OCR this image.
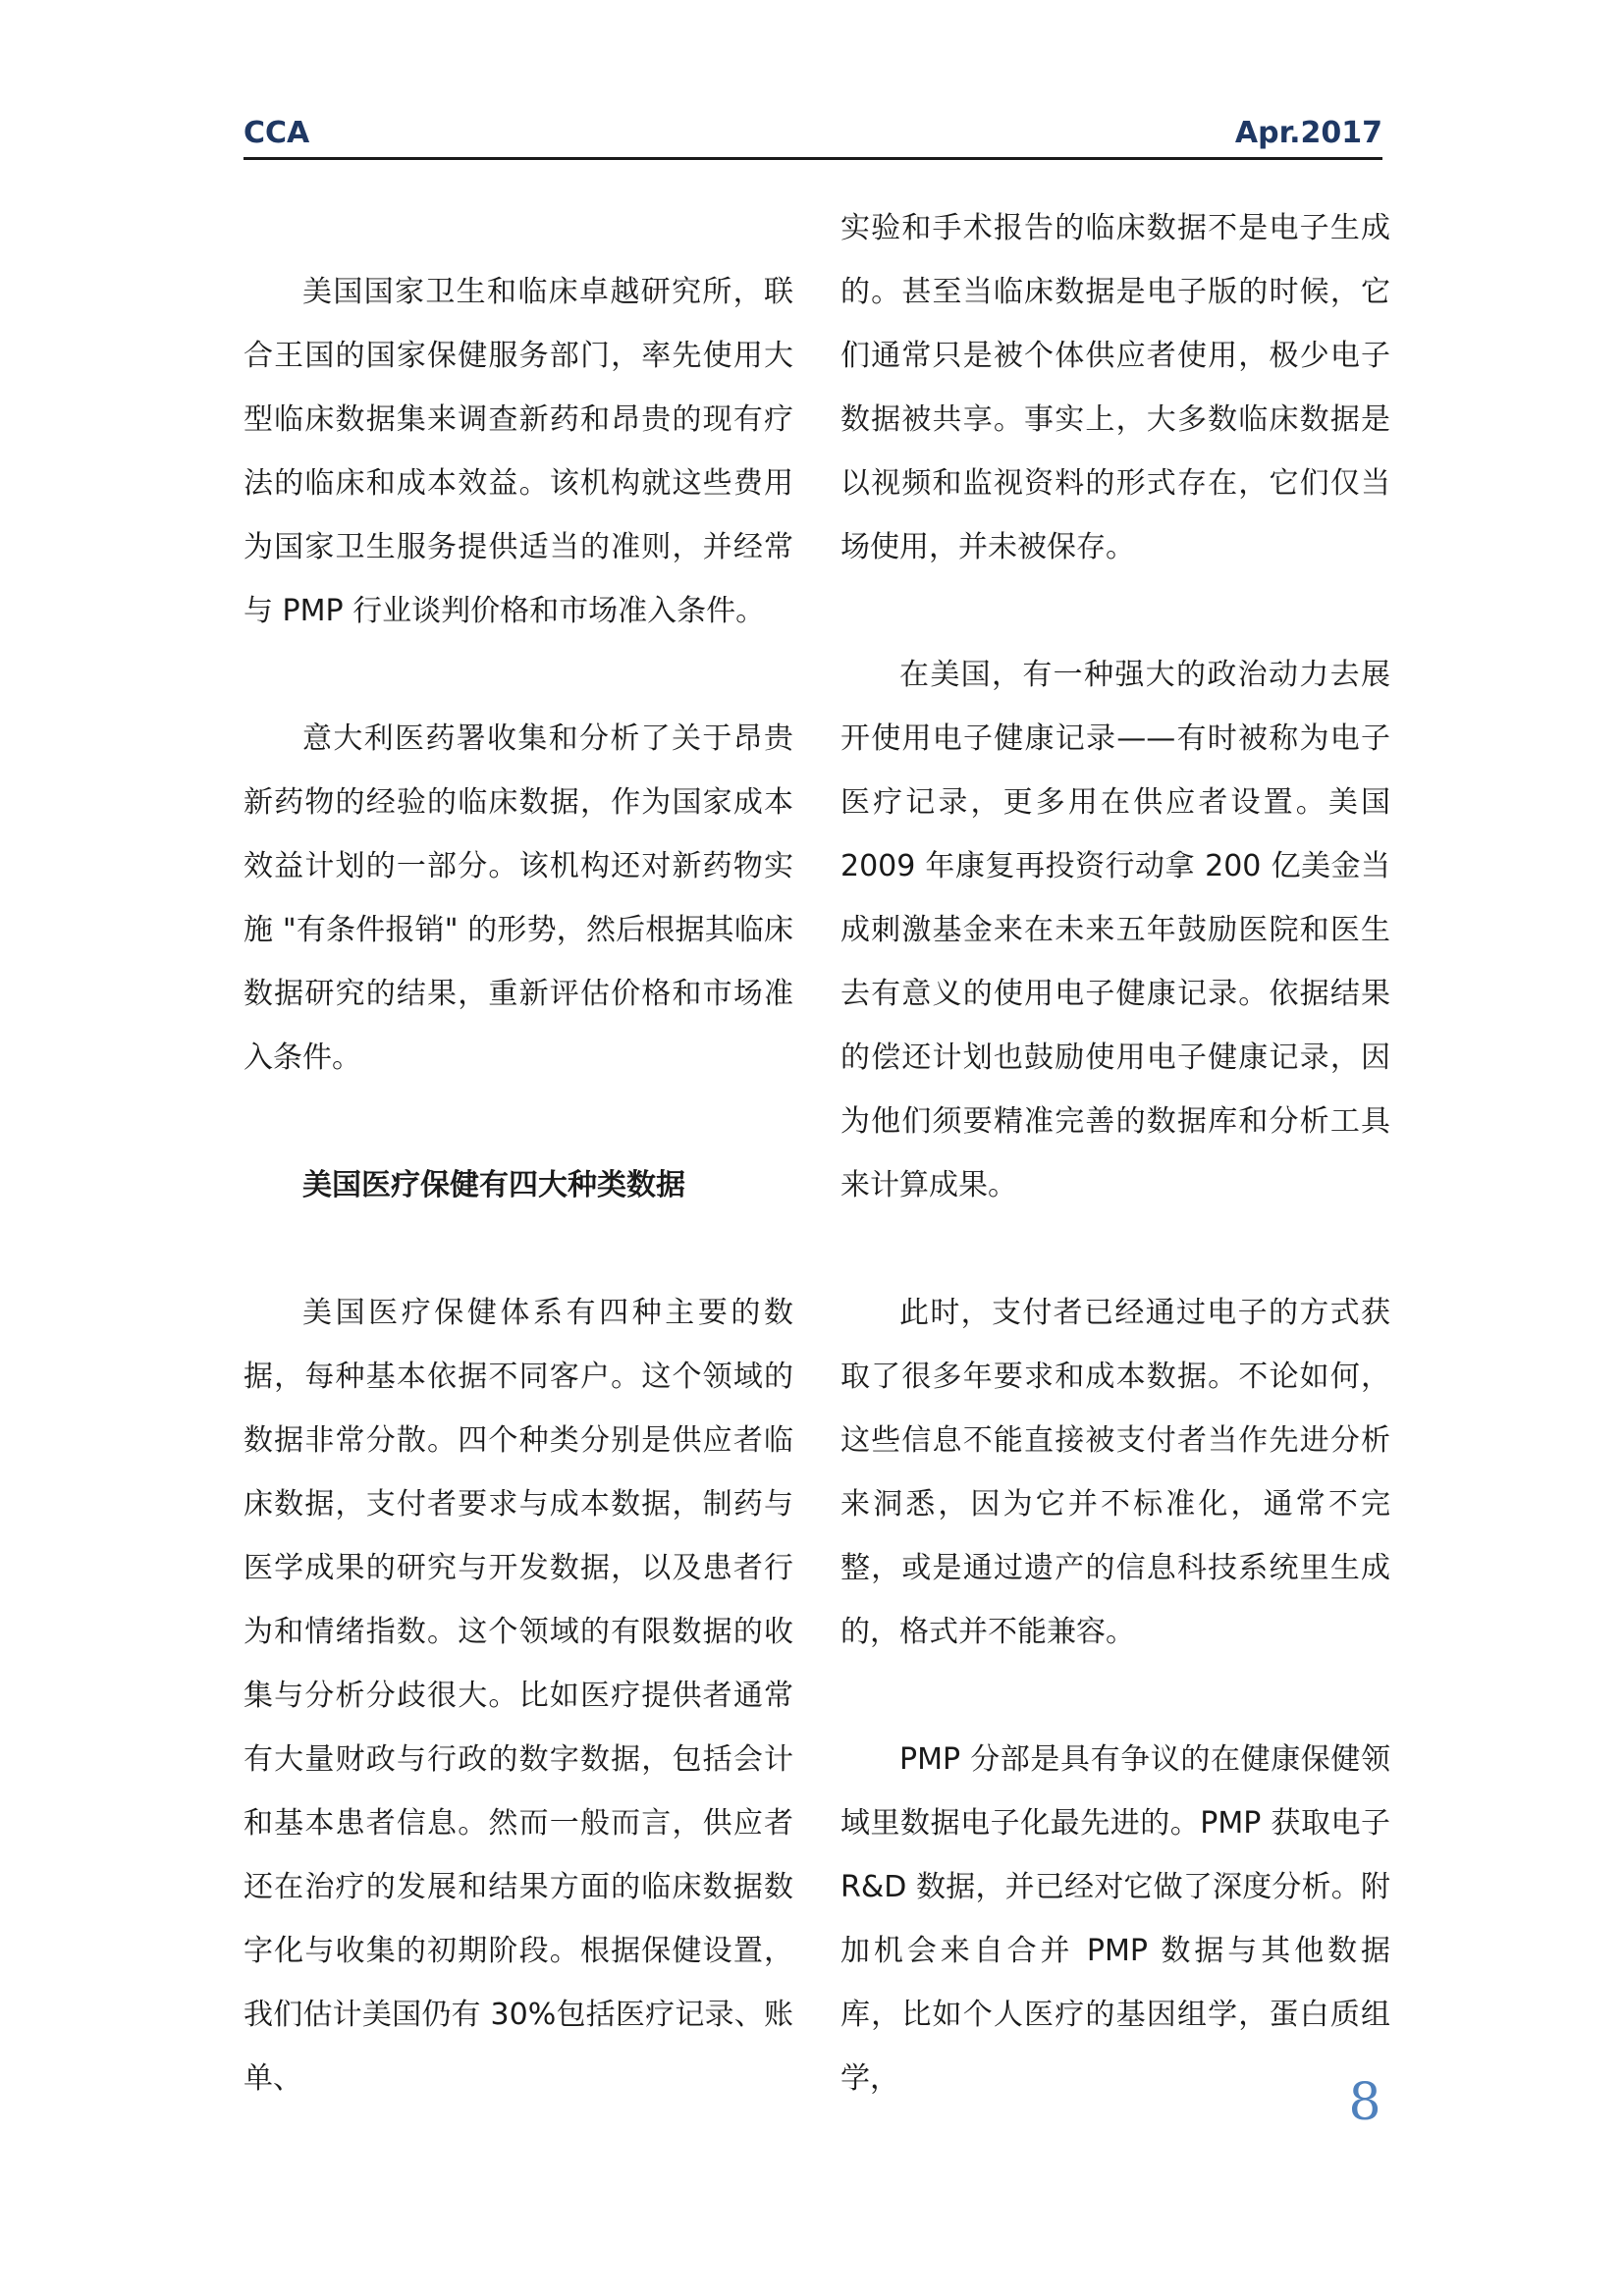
CCA	Apr.2017

美国国家卫生和临床卓越研究所，联合王国的国家保健服务部门，率先使用大型临床数据集来调查新药和昂贵的现有疗法的临床和成本效益。该机构就这些费用为国家卫生服务提供适当的准则，并经常与 PMP 行业谈判价格和市场准入条件。

意大利医药署收集和分析了关于昂贵新药物的经验的临床数据，作为国家成本效益计划的一部分。该机构还对新药物实施 "有条件报销" 的形势，然后根据其临床数据研究的结果，重新评估价格和市场准入条件。

美国医疗保健有四大种类数据

美国医疗保健体系有四种主要的数据，每种基本依据不同客户。这个领域的数据非常分散。四个种类分别是供应者临床数据，支付者要求与成本数据，制药与医学成果的研究与开发数据，以及患者行为和情绪指数。这个领域的有限数据的收集与分析分歧很大。比如医疗提供者通常有大量财政与行政的数字数据，包括会计和基本患者信息。然而一般而言，供应者还在治疗的发展和结果方面的临床数据数字化与收集的初期阶段。根据保健设置，我们估计美国仍有 30%包括医疗记录、账单、

实验和手术报告的临床数据不是电子生成的。甚至当临床数据是电子版的时候，它们通常只是被个体供应者使用，极少电子数据被共享。事实上，大多数临床数据是以视频和监视资料的形式存在，它们仅当场使用，并未被保存。

在美国，有一种强大的政治动力去展开使用电子健康记录——有时被称为电子医疗记录，更多用在供应者设置。美国 2009 年康复再投资行动拿 200 亿美金当成刺激基金来在未来五年鼓励医院和医生去有意义的使用电子健康记录。依据结果的偿还计划也鼓励使用电子健康记录，因为他们须要精准完善的数据库和分析工具来计算成果。

此时，支付者已经通过电子的方式获取了很多年要求和成本数据。不论如何，这些信息不能直接被支付者当作先进分析来洞悉，因为它并不标准化，通常不完整，或是通过遗产的信息科技系统里生成的，格式并不能兼容。

PMP 分部是具有争议的在健康保健领域里数据电子化最先进的。PMP 获取电子 R&D 数据，并已经对它做了深度分析。附加机会来自合并 PMP 数据与其他数据库，比如个人医疗的基因组学，蛋白质组学，	8
